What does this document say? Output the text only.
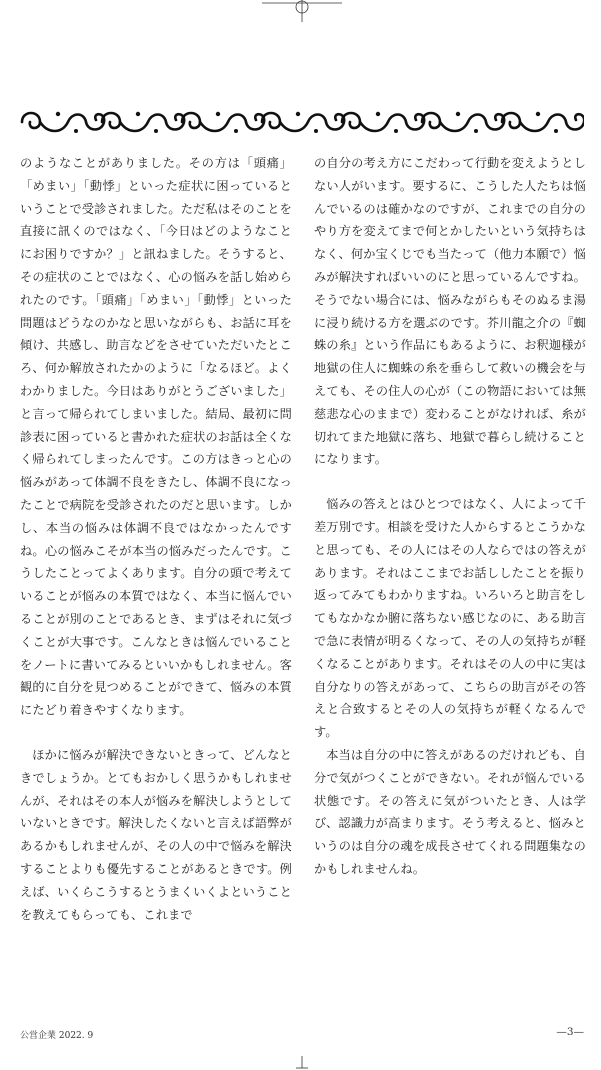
のようなことがありました。その方は「頭痛」「めまい」「動悸」といった症状に困っているということで受診されました。ただ私はそのことを直接に訊くのではなく、「今日はどのようなことにお困りですか？」と訊ねました。そうすると、その症状のことではなく、心の悩みを話し始められたのです。「頭痛」「めまい」「動悸」といった問題はどうなのかなと思いながらも、お話に耳を傾け、共感し、助言などをさせていただいたところ、何か解放されたかのように「なるほど。よくわかりました。今日はありがとうございました」と言って帰られてしまいました。結局、最初に問診表に困っていると書かれた症状のお話は全くなく帰られてしまったんです。この方はきっと心の悩みがあって体調不良をきたし、体調不良になったことで病院を受診されたのだと思います。しかし、本当の悩みは体調不良ではなかったんですね。心の悩みこそが本当の悩みだったんです。こうしたことってよくあります。自分の頭で考えていることが悩みの本質ではなく、本当に悩んでいることが別のことであるとき、まずはそれに気づくことが大事です。こんなときは悩んでいることをノートに書いてみるといいかもしれません。客観的に自分を見つめることができて、悩みの本質にたどり着きやすくなります。

ほかに悩みが解決できないときって、どんなときでしょうか。とてもおかしく思うかもしれませんが、それはその本人が悩みを解決しようとしていないときです。解決したくないと言えば語弊があるかもしれませんが、その人の中で悩みを解決することよりも優先することがあるときです。例えば、いくらこうするとうまくいくよということを教えてもらっても、これまで

の自分の考え方にこだわって行動を変えようとしない人がいます。要するに、こうした人たちは悩んでいるのは確かなのですが、これまでの自分のやり方を変えてまで何とかしたいという気持ちはなく、何か宝くじでも当たって（他力本願で）悩みが解決すればいいのにと思っているんですね。そうでない場合には、悩みながらもそのぬるま湯に浸り続ける方を選ぶのです。芥川龍之介の『蜘蛛の糸』という作品にもあるように、お釈迦様が地獄の住人に蜘蛛の糸を垂らして救いの機会を与えても、その住人の心が（この物語においては無慈悲な心のままで）変わることがなければ、糸が切れてまた地獄に落ち、地獄で暮らし続けることになります。

悩みの答えとはひとつではなく、人によって千差万別です。相談を受けた人からするとこうかなと思っても、その人にはその人ならではの答えがあります。それはここまでお話ししたことを振り返ってみてもわかりますね。いろいろと助言をしてもなかなか腑に落ちない感じなのに、ある助言で急に表情が明るくなって、その人の気持ちが軽くなることがあります。それはその人の中に実は自分なりの答えがあって、こちらの助言がその答えと合致するとその人の気持ちが軽くなるんです。

本当は自分の中に答えがあるのだけれども、自分で気がつくことができない。それが悩んでいる状態です。その答えに気がついたとき、人は学び、認識力が高まります。そう考えると、悩みというのは自分の魂を成長させてくれる問題集なのかもしれませんね。

公営企業 2022. 9	—3—
